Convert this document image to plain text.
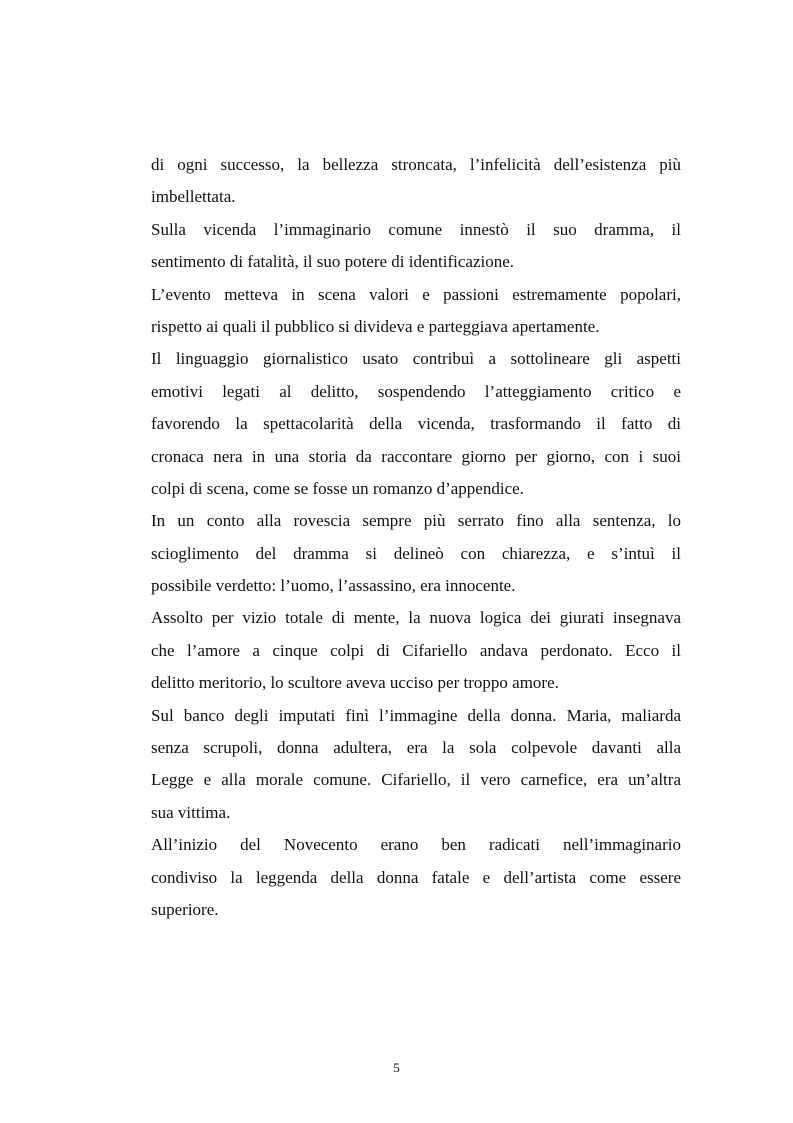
di ogni successo, la bellezza stroncata, l’infelicità dell’esistenza più
imbellettata.

Sulla vicenda l’immaginario comune innestò il suo dramma, il
sentimento di fatalità, il suo potere di identificazione.

L’evento metteva in scena valori e passioni estremamente popolari,
rispetto ai quali il pubblico si divideva e parteggiava apertamente.

Il linguaggio giornalistico usato contribuì a sottolineare gli aspetti
emotivi legati al delitto, sospendendo l’atteggiamento critico e
favorendo la spettacolarità della vicenda, trasformando il fatto di
cronaca nera in una storia da raccontare giorno per giorno, con i suoi
colpi di scena, come se fosse un romanzo d’appendice.

In un conto alla rovescia sempre più serrato fino alla sentenza, lo
scioglimento del dramma si delineò con chiarezza, e s’intuì il
possibile verdetto: l’uomo, l’assassino, era innocente.

Assolto per vizio totale di mente, la nuova logica dei giurati insegnava
che l’amore a cinque colpi di Cifariello andava perdonato. Ecco il
delitto meritorio, lo scultore aveva ucciso per troppo amore.

Sul banco degli imputati finì l’immagine della donna. Maria, maliarda
senza scrupoli, donna adultera, era la sola colpevole davanti alla
Legge e alla morale comune. Cifariello, il vero carnefice, era un’altra
sua vittima.

All’inizio del Novecento erano ben radicati nell’immaginario
condiviso la leggenda della donna fatale e dell’artista come essere
superiore.

5
